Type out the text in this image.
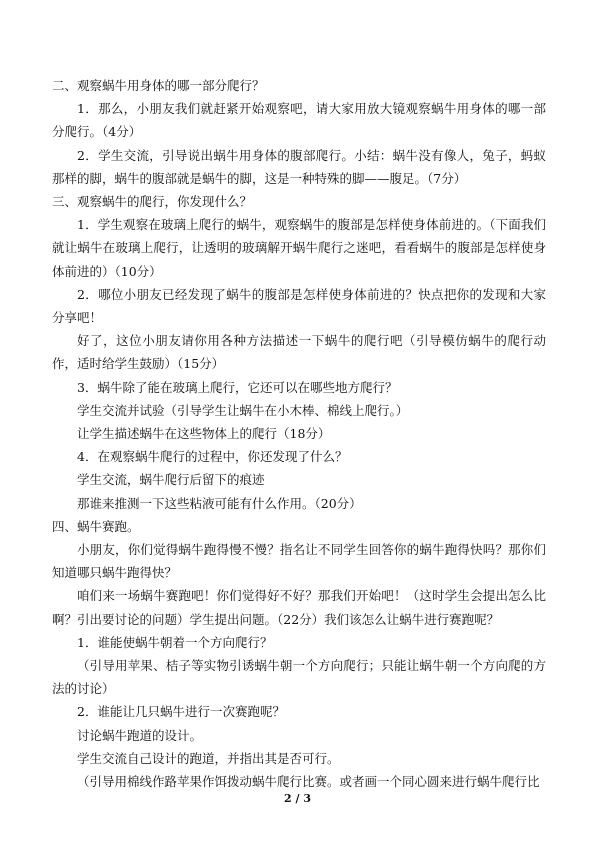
二、观察蜗牛用身体的哪一部分爬行？

1．那么，小朋友我们就赶紧开始观察吧，请大家用放大镜观察蜗牛用身体的哪一部分爬行。（4分）

2．学生交流，引导说出蜗牛用身体的腹部爬行。小结：蜗牛没有像人，兔子，蚂蚁那样的脚，蜗牛的腹部就是蜗牛的脚，这是一种特殊的脚——腹足。（7分）

三、观察蜗牛的爬行，你发现什么？

1．学生观察在玻璃上爬行的蜗牛，观察蜗牛的腹部是怎样使身体前进的。（下面我们就让蜗牛在玻璃上爬行，让透明的玻璃解开蜗牛爬行之迷吧，看看蜗牛的腹部是怎样使身体前进的）（10分）

2．哪位小朋友已经发现了蜗牛的腹部是怎样使身体前进的？快点把你的发现和大家分享吧！

好了，这位小朋友请你用各种方法描述一下蜗牛的爬行吧（引导模仿蜗牛的爬行动作，适时给学生鼓励）（15分）

3．蜗牛除了能在玻璃上爬行，它还可以在哪些地方爬行？

学生交流并试验（引导学生让蜗牛在小木棒、棉线上爬行。）

让学生描述蜗牛在这些物体上的爬行（18分）

4．在观察蜗牛爬行的过程中，你还发现了什么？

学生交流，蜗牛爬行后留下的痕迹

那谁来推测一下这些粘液可能有什么作用。（20分）

四、蜗牛赛跑。

小朋友，你们觉得蜗牛跑得慢不慢？指名让不同学生回答你的蜗牛跑得快吗？那你们知道哪只蜗牛跑得快？

咱们来一场蜗牛赛跑吧！你们觉得好不好？那我们开始吧！（这时学生会提出怎么比啊？引出要讨论的问题）学生提出问题。（22分）我们该怎么让蜗牛进行赛跑呢？

1．谁能使蜗牛朝着一个方向爬行？

（引导用苹果、桔子等实物引诱蜗牛朝一个方向爬行；只能让蜗牛朝一个方向爬的方法的讨论）

2．谁能让几只蜗牛进行一次赛跑呢？

讨论蜗牛跑道的设计。

学生交流自己设计的跑道，并指出其是否可行。

（引导用棉线作路苹果作饵拨动蜗牛爬行比赛。或者画一个同心圆来进行蜗牛爬行比

2 / 3
